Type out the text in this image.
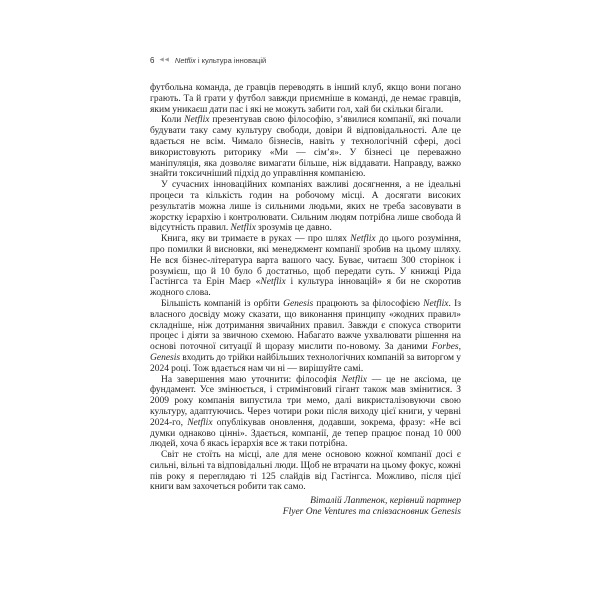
6 ◀◀ Netflix і культура інновацій

футбольна команда, де гравців переводять в інший клуб, якщо вони погано грають. Та й грати у футбол завжди приємніше в команді, де немає гравців, яким уникаєш дати пас і які не можуть забити гол, хай би скільки бігали.

Коли Netflix презентував свою філософію, з’явилися компанії, які почали будувати таку саму культуру свободи, довіри й відповідальності. Але це вдається не всім. Чимало бізнесів, навіть у технологічній сфері, досі використовують риторику «Ми — сім’я». У бізнесі це переважно маніпуляція, яка дозволяє вимагати більше, ніж віддавати. Направду, важко знайти токсичніший підхід до управління компанією.

У сучасних інноваційних компаніях важливі досягнення, а не ідеальні процеси та кількість годин на робочому місці. А досягати високих результатів можна лише із сильними людьми, яких не треба засовувати в жорстку ієрархію і контролювати. Сильним людям потрібна лише свобода й відсутність правил. Netflix зрозумів це давно.

Книга, яку ви тримаєте в руках — про шлях Netflix до цього розуміння, про помилки й висновки, які менеджмент компанії зробив на цьому шляху. Не вся бізнес-література варта вашого часу. Буває, читаєш 300 сторінок і розумієш, що й 10 було б достатньо, щоб передати суть. У книжці Ріда Гастінгса та Ерін Маєр «Netflix і культура інновацій» я би не скоротив жодного слова.

Більшість компаній із орбіти Genesis працюють за філософією Netflix. Із власного досвіду можу сказати, що виконання принципу «жодних правил» складніше, ніж дотримання звичайних правил. Завжди є спокуса створити процес і діяти за звичною схемою. Набагато важче ухвалювати рішення на основі поточної ситуації й щоразу мислити по-новому. За даними Forbes, Genesis входить до трійки найбільших технологічних компаній за виторгом у 2024 році. Тож вдається нам чи ні — вирішуйте самі.

На завершення маю уточнити: філософія Netflix — це не аксіома, це фундамент. Усе змінюється, і стримінговий гігант також мав змінитися. З 2009 року компанія випустила три мемо, далі викристалізовуючи свою культуру, адаптуючись. Через чотири роки після виходу цієї книги, у червні 2024-го, Netflix опублікував оновлення, додавши, зокрема, фразу: «Не всі думки однаково цінні». Здається, компанії, де тепер працює понад 10 000 людей, хоча б якась ієрархія все ж таки потрібна.

Світ не стоїть на місці, але для мене основою кожної компанії досі є сильні, вільні та відповідальні люди. Щоб не втрачати на цьому фокус, кожні пів року я переглядаю ті 125 слайдів від Гастінгса. Можливо, після цієї книги вам захочеться робити так само.

Віталій Лаптенок, керівний партнер

Flyer One Ventures та співзасновник Genesis
